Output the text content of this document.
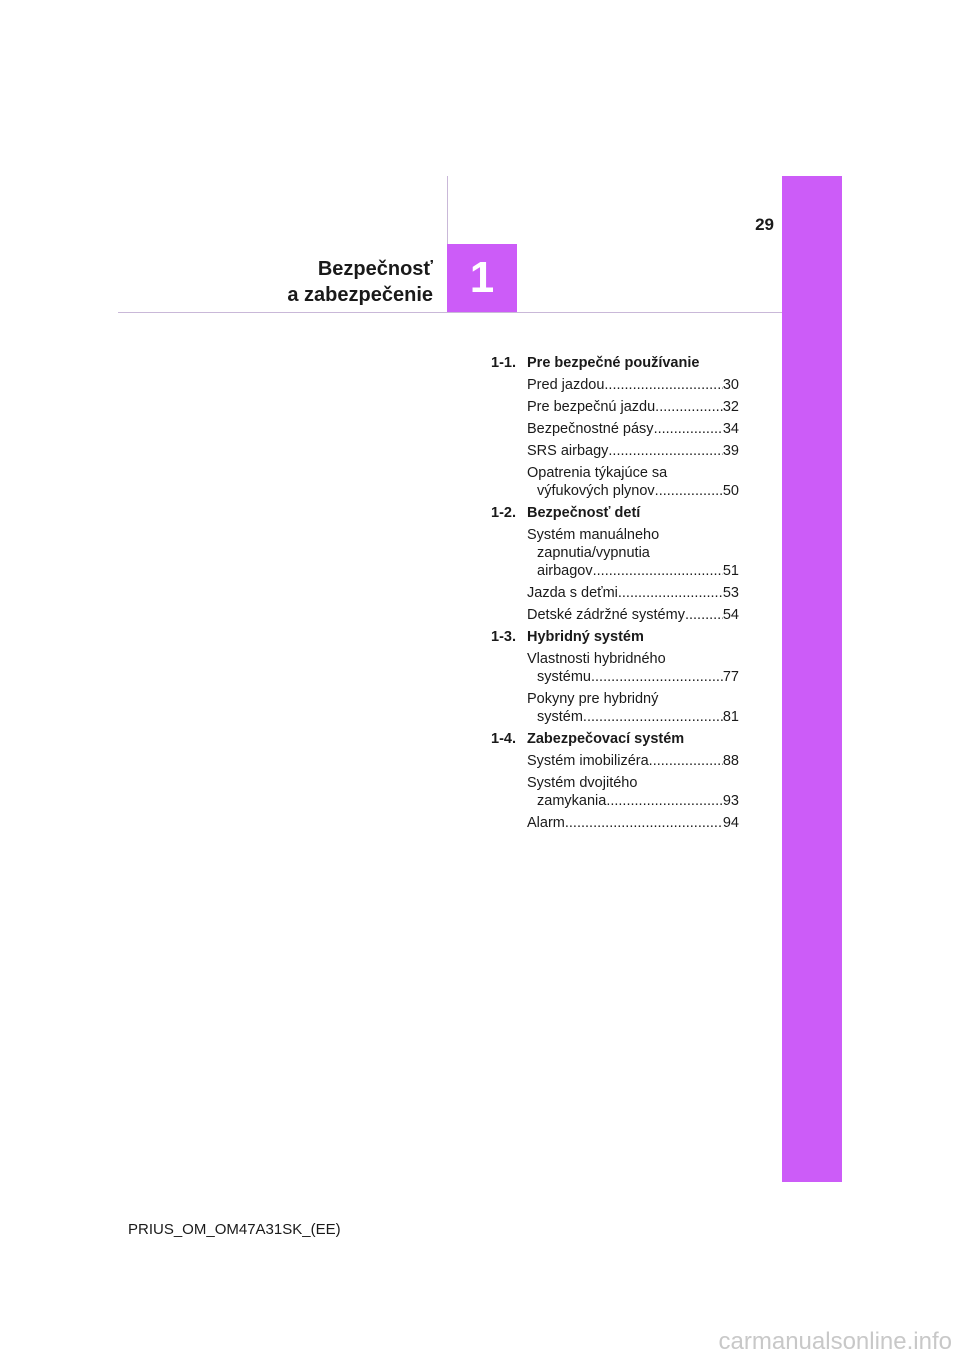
1
29
Bezpečnosť
a zabezpečenie
1-1. Pre bezpečné používanie
Pred jazdou .....	30
Pre bezpečnú jazdu .....	32
Bezpečnostné pásy .....	34
SRS airbagy .....	39
Opatrenia týkajúce sa
výfukových plynov .....	50
1-2. Bezpečnosť detí
Systém manuálneho
zapnutia/vypnutia
airbagov .....	51
Jazda s deťmi .....	53
Detské zádržné systémy .....	54
1-3. Hybridný systém
Vlastnosti hybridného
systému .....	77
Pokyny pre hybridný
systém .....	81
1-4. Zabezpečovací systém
Systém imobilizéra .....	88
Systém dvojitého
zamykania .....	93
Alarm .....	94
PRIUS_OM_OM47A31SK_(EE)
carmanualsonline.info
